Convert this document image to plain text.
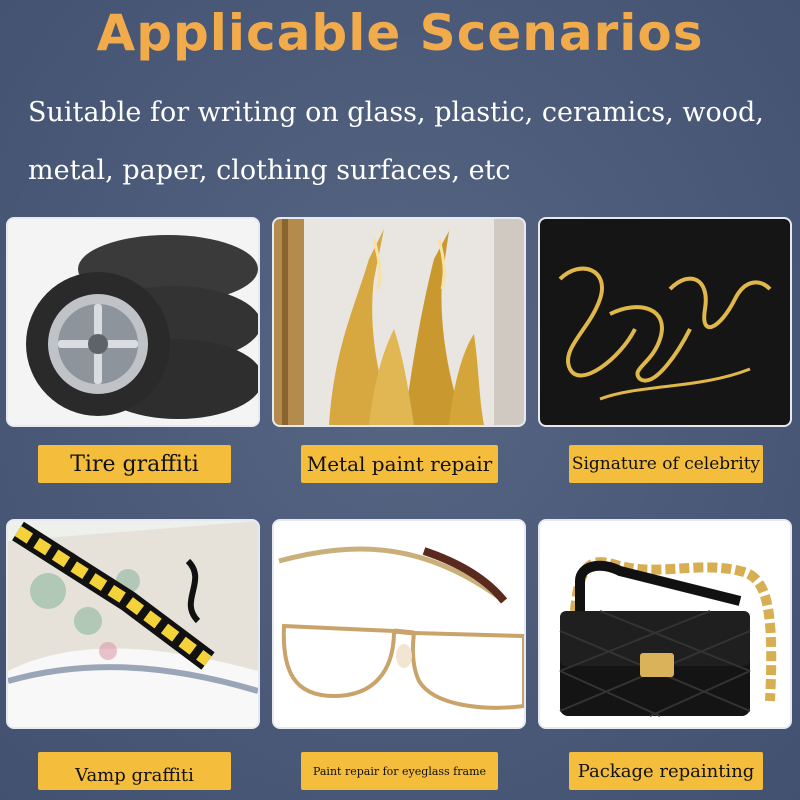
Applicable Scenarios
Suitable for writing on glass, plastic, ceramics, wood, metal, paper, clothing surfaces, etc
Tire graffiti	Metal paint repair	Signature of celebrity
Vamp graffiti	Paint repair for eyeglass frame	Package repainting
